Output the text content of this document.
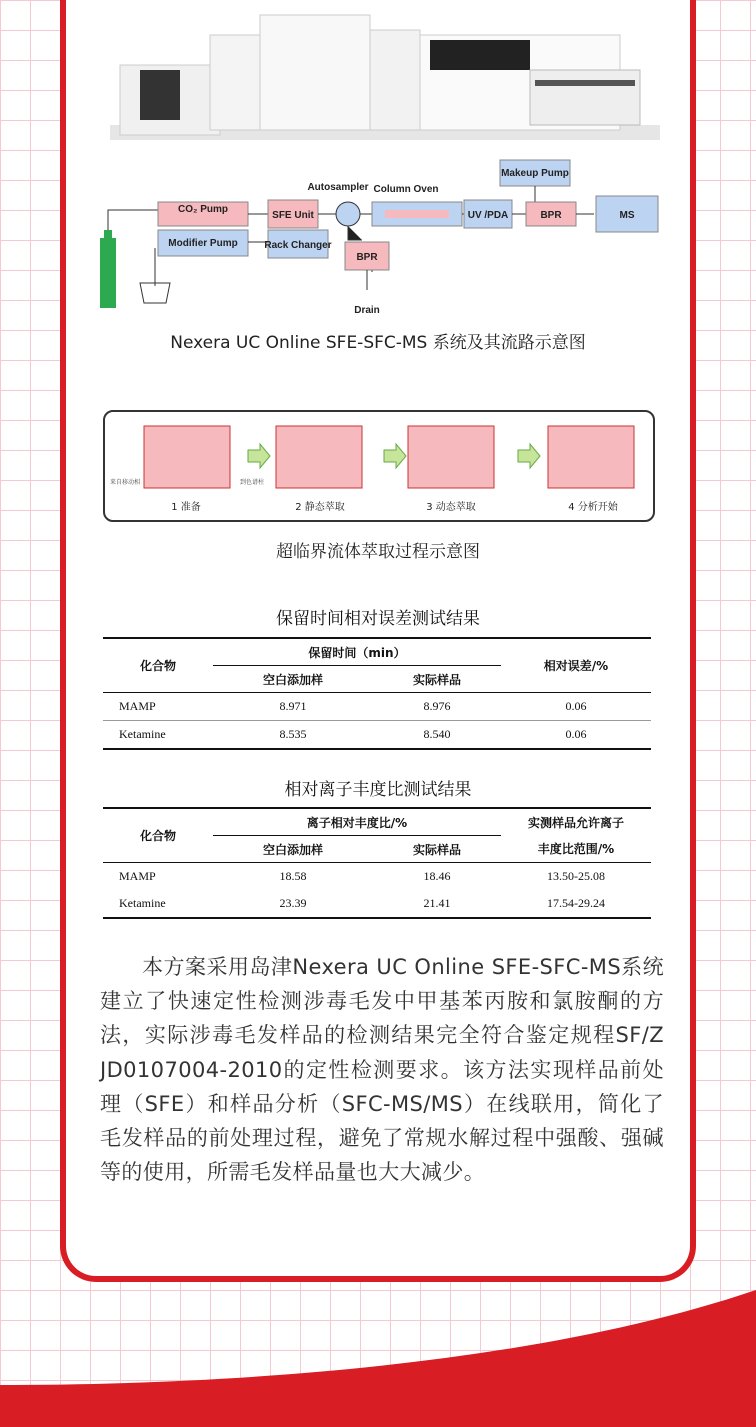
CO₂ Pump
Modifier Pump
SFE Unit
Rack Changer
Autosampler Column Oven
UV /PDA
Makeup Pump
BPR	MS
BPR
Drain
Nexera UC Online SFE-SFC-MS 系统及其流路示意图
1 准备	2 静态萃取	3 动态萃取	4 分析开始
来自移动相	到色谱柱
超临界流体萃取过程示意图
保留时间相对误差测试结果
化合物	保留时间（min）		相对误差/%
	空白添加样	实际样品	
MAMP	8.971	8.976	0.06
Ketamine	8.535	8.540	0.06
相对离子丰度比测试结果
化合物	离子相对丰度比/%		实测样品允许离子
	空白添加样	实际样品	丰度比范围/%
MAMP	18.58	18.46	13.50-25.08
Ketamine	23.39	21.41	17.54-29.24
本方案采用岛津Nexera UC Online SFE-SFC-MS系统建立了快速定性检测涉毒毛发中甲基苯丙胺和氯胺酮的方法，实际涉毒毛发样品的检测结果完全符合鉴定规程SF/Z JD0107004-2010的定性检测要求。该方法实现样品前处理（SFE）和样品分析（SFC-MS/MS）在线联用，简化了毛发样品的前处理过程，避免了常规水解过程中强酸、强碱等的使用，所需毛发样品量也大大减少。
